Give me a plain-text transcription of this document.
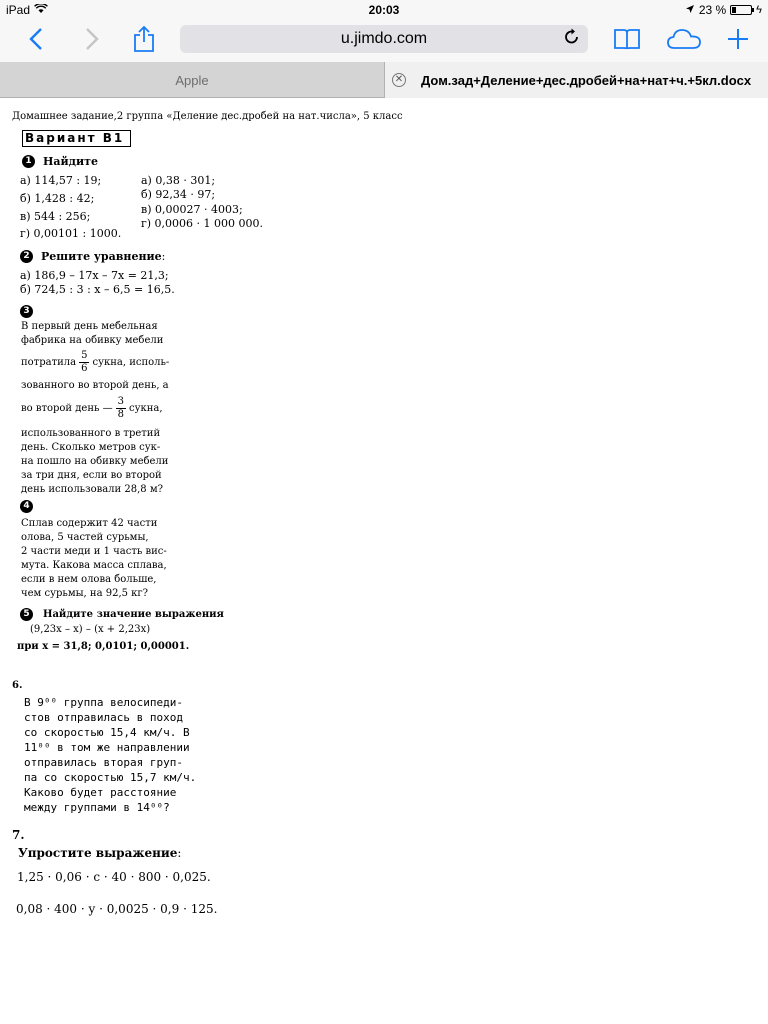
iPad	20:03	23 %	ϟ
u.jimdo.com
Apple	Дом.зад+Деление+дес.дробей+на+нат+ч.+5кл.docx
✕
Домашнее задание,2 группа «Деление дес.дробей на нат.числа», 5 класс
Вариант В1
1	Найдите
а) 114,57 : 19;
б) 1,428 : 42;
в) 544 : 256;
г) 0,00101 : 1000.
а) 0,38 · 301;
б) 92,34 · 97;
в) 0,00027 · 4003;
г) 0,0006 · 1 000 000.
2	Решите уравнение:
а) 186,9 – 17x – 7x = 21,3;
б) 724,5 : 3 : x – 6,5 = 16,5.
3
В первый день мебельная
фабрика на обивку мебели
потратила $\frac{5}{6}$ сукна, исполь-
зованного во второй день, а
во второй день — $\frac{3}{8}$ сукна,
использованного в третий
день. Сколько метров сук-
на пошло на обивку мебели
за три дня, если во второй
день использовали 28,8 м?
4
Сплав содержит 42 части
олова, 5 частей сурьмы,
2 части меди и 1 часть вис-
мута. Какова масса сплава,
если в нем олова больше,
чем сурьмы, на 92,5 кг?
5	Найдите значение выражения
(9,23x – x) – (x + 2,23x)
при x = 31,8; 0,0101; 0,00001.
6.
В 9⁰⁰ группа велосипеди-
стов отправилась в поход
со скоростью 15,4 км/ч. В
11⁰⁰ в том же направлении
отправилась вторая груп-
па со скоростью 15,7 км/ч.
Каково будет расстояние
между группами в 14⁰⁰?
7.
Упростите выражение:
1,25 · 0,06 · c · 40 · 800 · 0,025.
0,08 · 400 · y · 0,0025 · 0,9 · 125.
